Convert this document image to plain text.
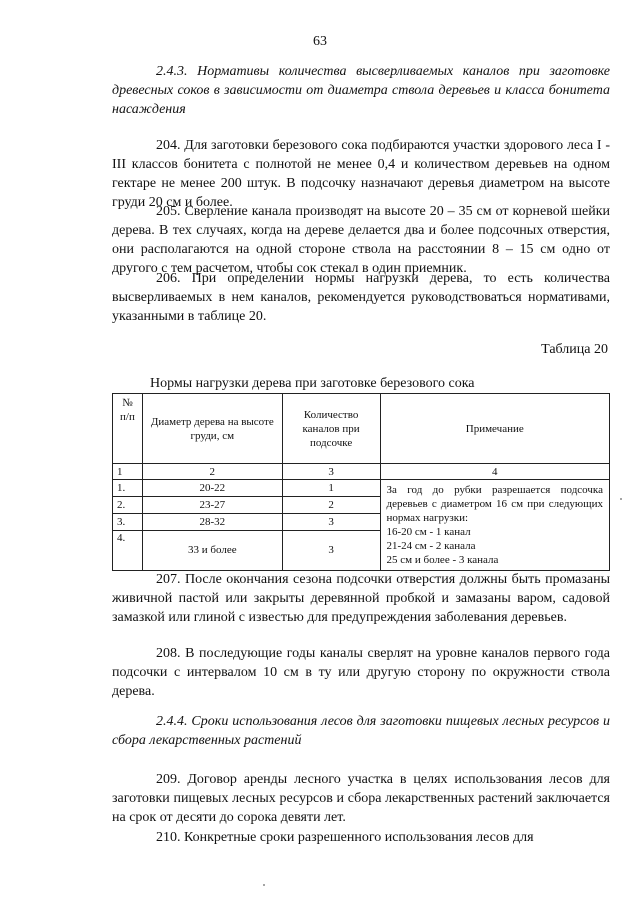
63
2.4.3. Нормативы количества высверливаемых каналов при заготовке древесных соков в зависимости от диаметра ствола деревьев и класса бонитета насаждения
204. Для заготовки березового сока подбираются участки здорового леса I - III классов бонитета с полнотой не менее 0,4 и количеством деревьев на одном гектаре не менее 200 штук. В подсочку назначают деревья диаметром на высоте груди 20 см и более.
205. Сверление канала производят на высоте 20 – 35 см от корневой шейки дерева. В тех случаях, когда на дереве делается два и более подсочных отверстия, они располагаются на одной стороне ствола на расстоянии 8 – 15 см одно от другого с тем расчетом, чтобы сок стекал в один приемник.
206. При определении нормы нагрузки дерева, то есть количества высверливаемых в нем каналов, рекомендуется руководствоваться нормативами, указанными в таблице 20.
Таблица 20
Нормы нагрузки дерева при заготовке березового сока
№ п/п	Диаметр дерева на высоте груди, см	Количество каналов при подсочке	Примечание
1	2	3	4
1.	20-22	1	За год до рубки разрешается подсочка деревьев с диаметром 16 см при следующих нормах нагрузки:
16-20 см - 1 канал
21-24 см - 2 канала
25 см и более - 3 канала

2.	23-27	2	
3.	28-32	3	
4.	33 и более	3	
207. После окончания сезона подсочки отверстия должны быть промазаны живичной пастой или закрыты деревянной пробкой и замазаны варом, садовой замазкой или глиной с известью для предупреждения заболевания деревьев.
208. В последующие годы каналы сверлят на уровне каналов первого года подсочки с интервалом 10 см в ту или другую сторону по окружности ствола дерева.
2.4.4. Сроки использования лесов для заготовки пищевых лесных ресурсов и сбора лекарственных растений
209. Договор аренды лесного участка в целях использования лесов для заготовки пищевых лесных ресурсов и сбора лекарственных растений заключается на срок от десяти до сорока девяти лет.
210. Конкретные сроки разрешенного использования лесов для
